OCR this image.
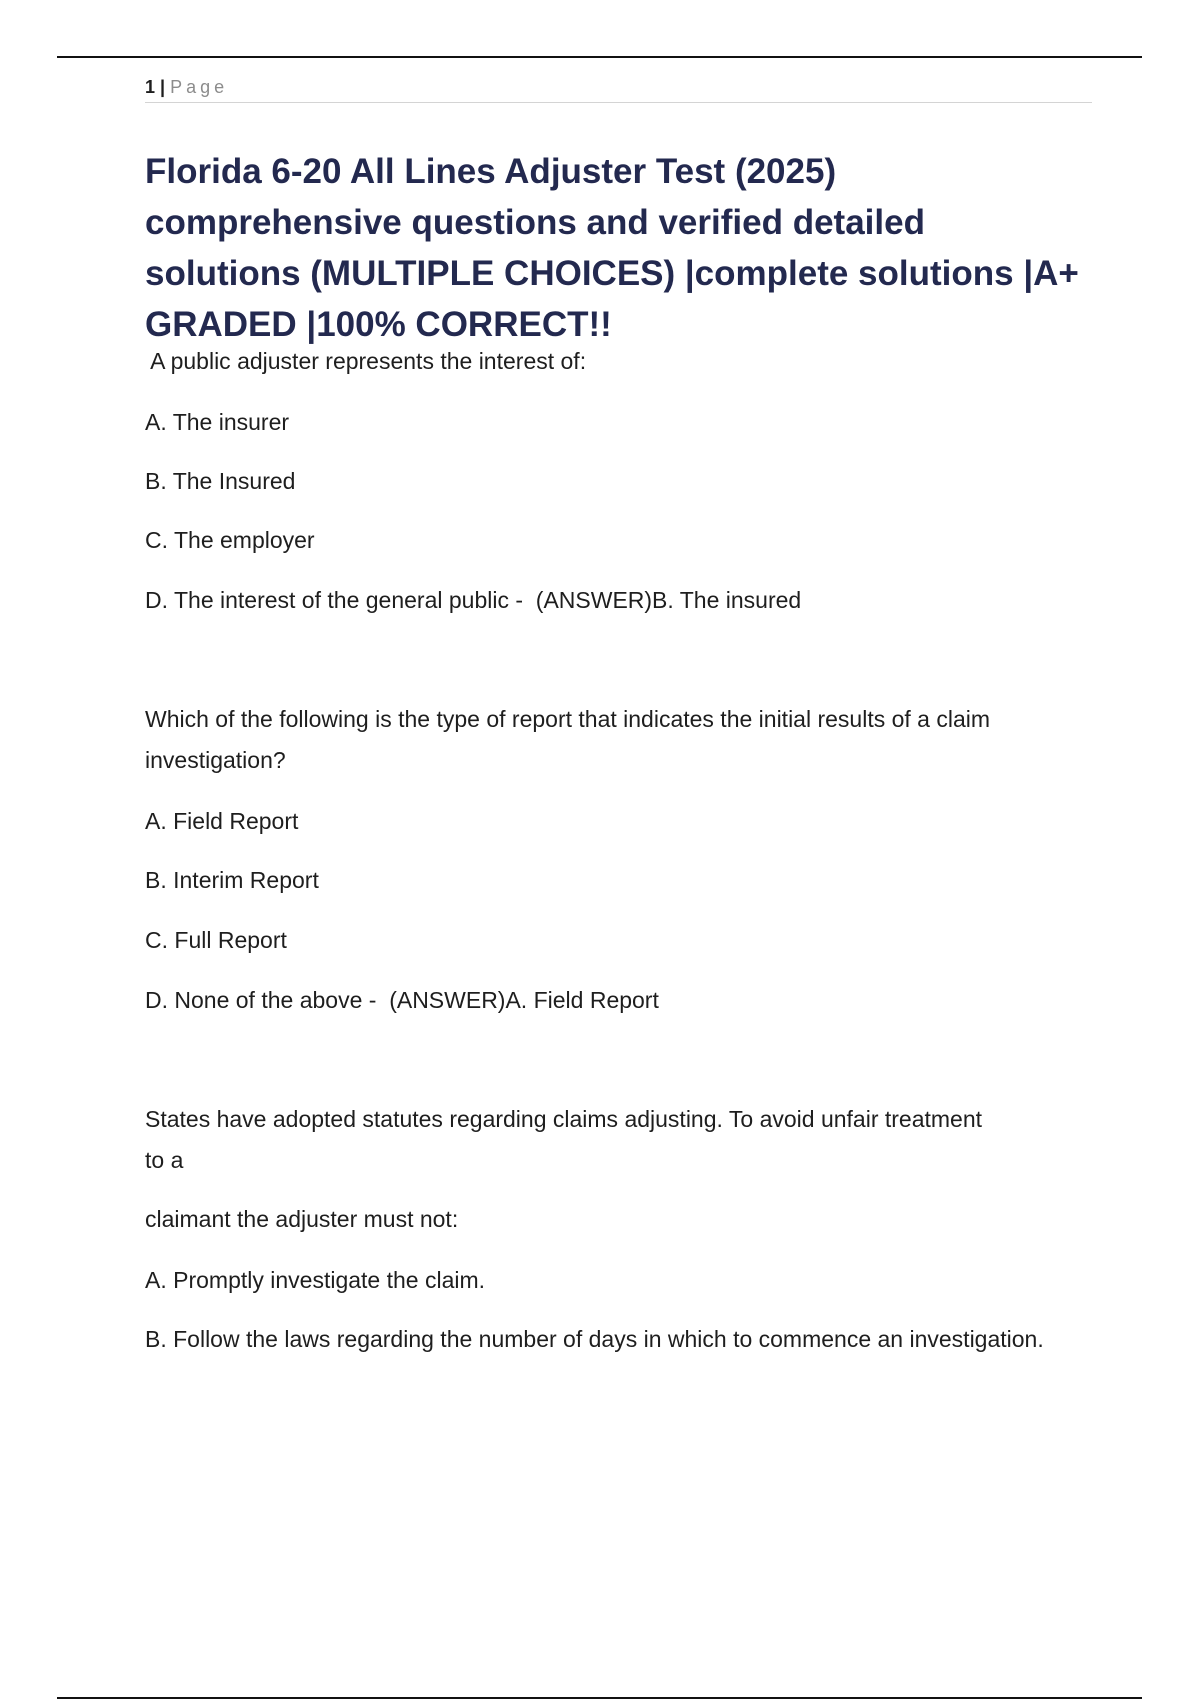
1 | Page
Florida 6-20 All Lines Adjuster Test (2025) comprehensive questions and verified detailed solutions (MULTIPLE CHOICES) |complete solutions |A+ GRADED |100% CORRECT!!

A public adjuster represents the interest of:

A. The insurer

B. The Insured

C. The employer

D. The interest of the general public -  (ANSWER)B. The insured

Which of the following is the type of report that indicates the initial results of a claim investigation?

A. Field Report

B. Interim Report

C. Full Report

D. None of the above -  (ANSWER)A. Field Report

States have adopted statutes regarding claims adjusting. To avoid unfair treatment to a

claimant the adjuster must not:

A. Promptly investigate the claim.

B. Follow the laws regarding the number of days in which to commence an investigation.
